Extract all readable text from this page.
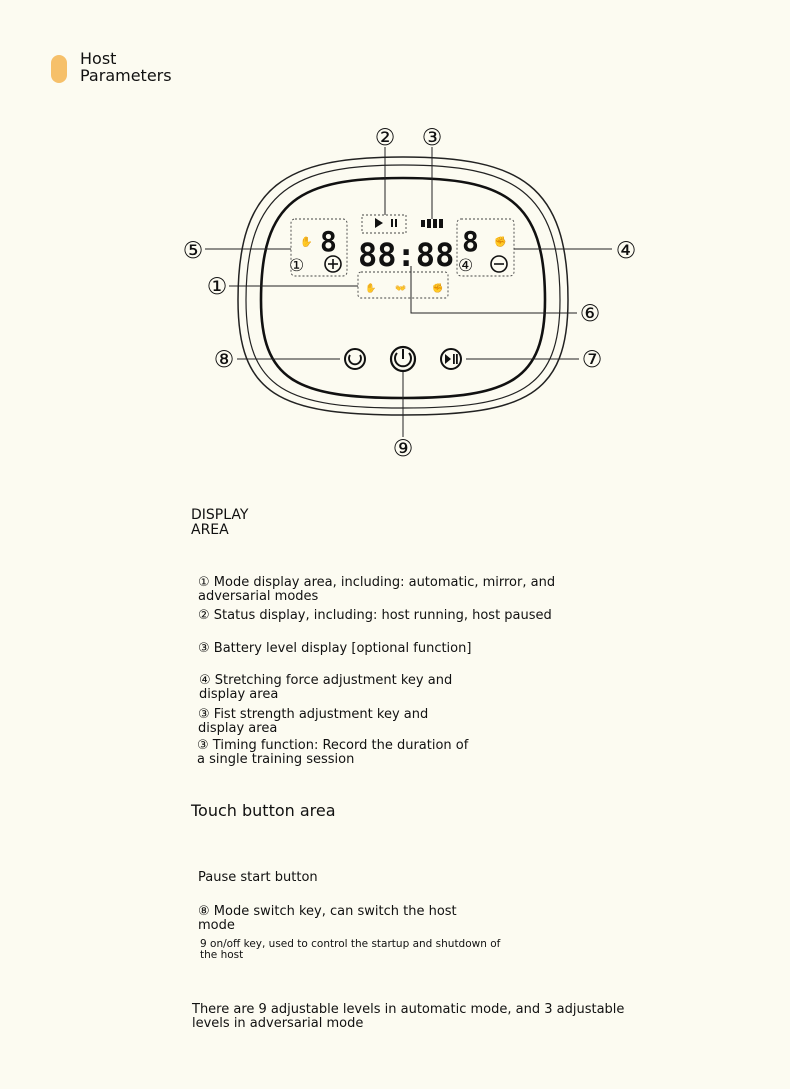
Host
Parameters
8
✋
① 88:88 8 ✊
④
✋ 👐	✊
①
② ③
④
⑤
⑥
⑦
⑧
⑨
DISPLAY
AREA
① Mode display area, including: automatic, mirror, and
adversarial modes
② Status display, including: host running, host paused
③ Battery level display [optional function]
④ Stretching force adjustment key and
display area
③ Fist strength adjustment key and
display area
③ Timing function: Record the duration of
a single training session
Touch button area
Pause start button
⑧ Mode switch key, can switch the host
mode
9 on/off key, used to control the startup and shutdown of
the host
There are 9 adjustable levels in automatic mode, and 3 adjustable
levels in adversarial mode
